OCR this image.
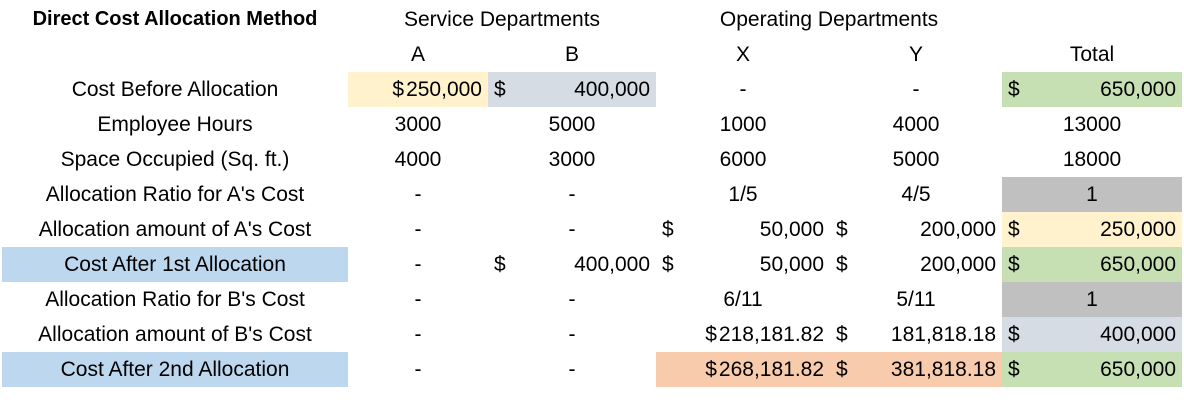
Direct Cost Allocation Method	Service Departments		Operating Departments		
	A	B	X	Y	Total
Cost Before Allocation	$ 250,000	$ 400,000	-	-	$ 650,000

Employee Hours	3000	5000	1000	4000	13000
Space Occupied (Sq. ft.)	4000	3000	6000	5000	18000
Allocation Ratio for A's Cost	-	-	1/5	4/5	1
Allocation amount of A's Cost	-	-	$ 50,000	$ 200,000	$ 250,000

Cost After 1st Allocation	-	$ 400,000	$ 50,000	$ 200,000	$ 650,000

Allocation Ratio for B's Cost	-	-	6/11	5/11	1
Allocation amount of B's Cost	-	-	$ 218,181.82	$ 181,818.18	$ 400,000

Cost After 2nd Allocation	-	-	$ 268,181.82	$ 381,818.18	$ 650,000
